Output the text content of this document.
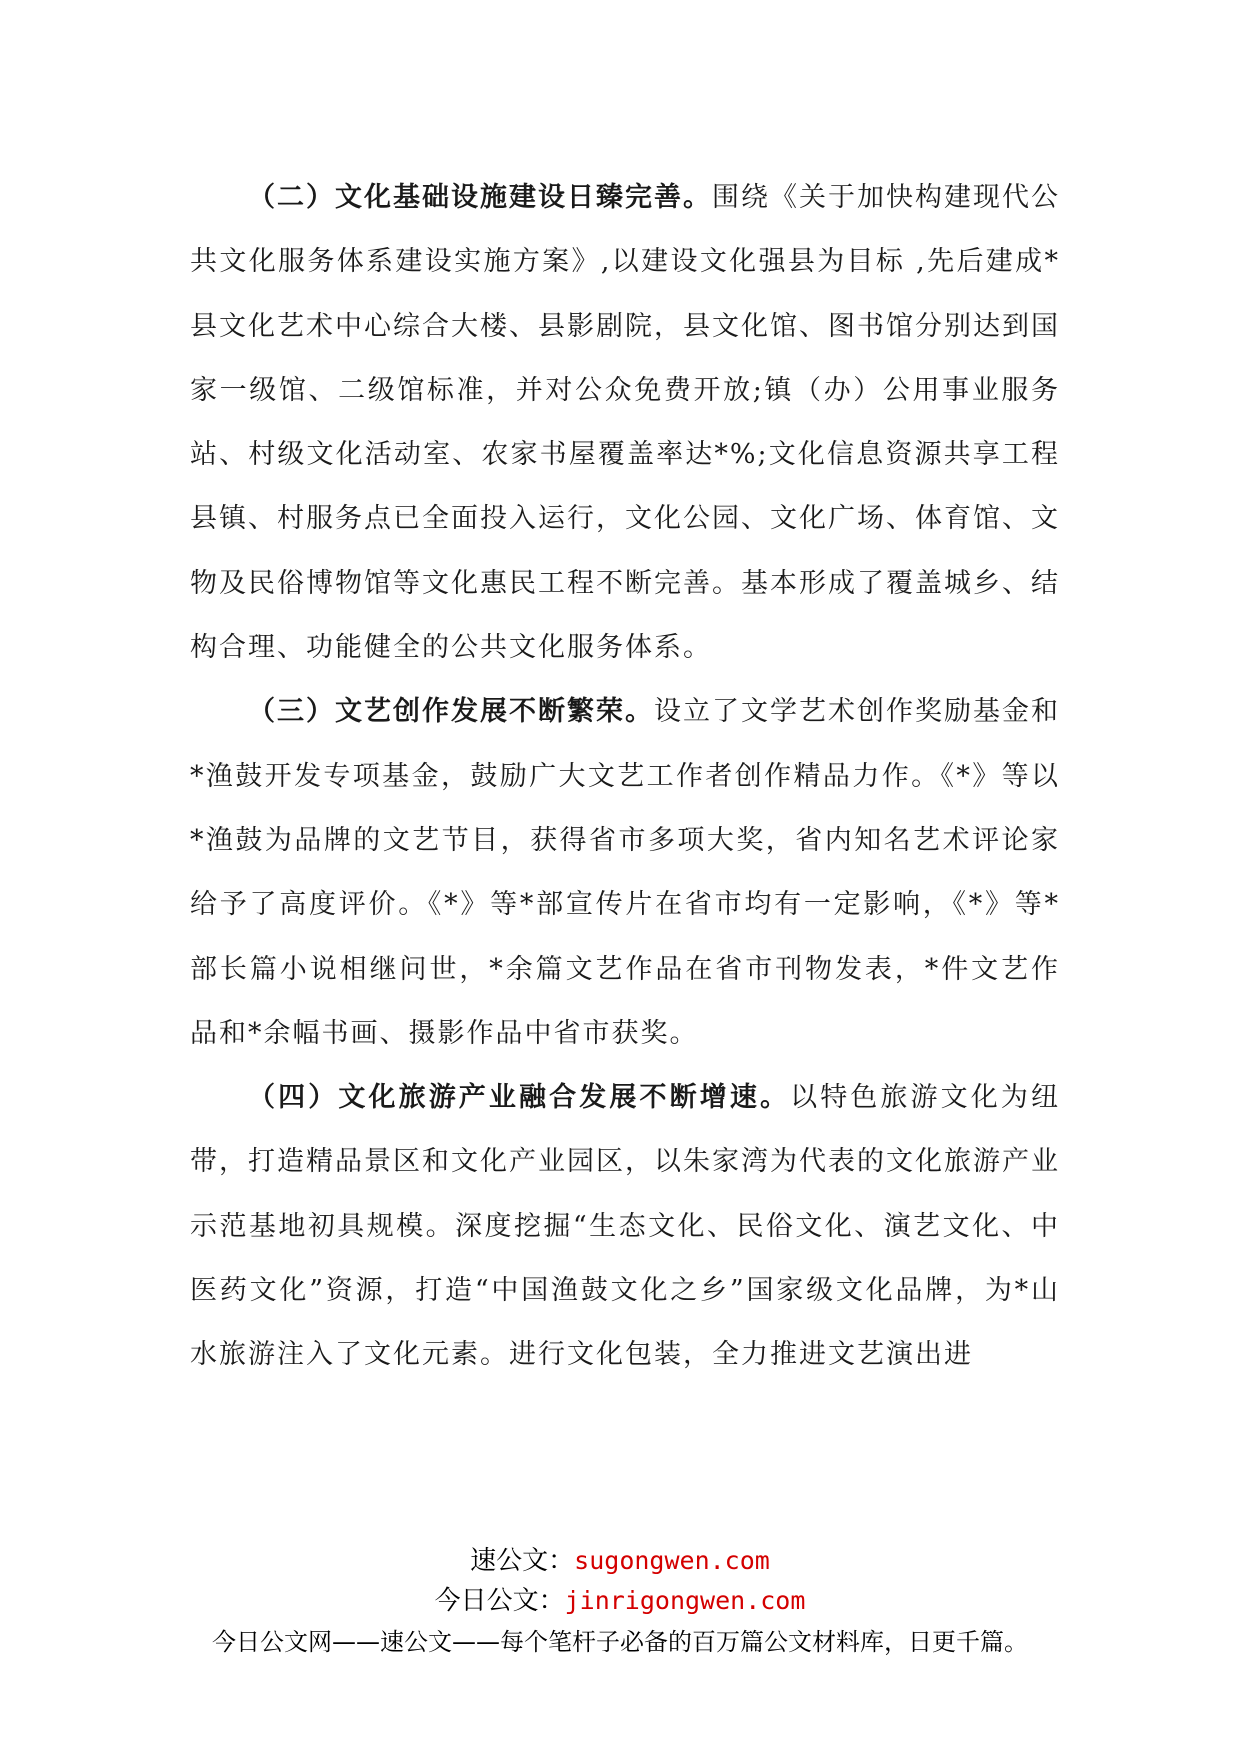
（二）文化基础设施建设日臻完善。围绕《关于加快构建现代公共文化服务体系建设实施方案》,以建设文化强县为目标 ,先后建成*县文化艺术中心综合大楼、县影剧院，县文化馆、图书馆分别达到国家一级馆、二级馆标准，并对公众免费开放;镇（办）公用事业服务站、村级文化活动室、农家书屋覆盖率达*%;文化信息资源共享工程县镇、村服务点已全面投入运行，文化公园、文化广场、体育馆、文物及民俗博物馆等文化惠民工程不断完善。基本形成了覆盖城乡、结构合理、功能健全的公共文化服务体系。

（三）文艺创作发展不断繁荣。设立了文学艺术创作奖励基金和*渔鼓开发专项基金，鼓励广大文艺工作者创作精品力作。《*》等以*渔鼓为品牌的文艺节目，获得省市多项大奖，省内知名艺术评论家给予了高度评价。《*》等*部宣传片在省市均有一定影响，《*》等*部长篇小说相继问世，*余篇文艺作品在省市刊物发表，*件文艺作品和*余幅书画、摄影作品中省市获奖。

（四）文化旅游产业融合发展不断增速。以特色旅游文化为纽带，打造精品景区和文化产业园区，以朱家湾为代表的文化旅游产业示范基地初具规模。深度挖掘“生态文化、民俗文化、演艺文化、中医药文化”资源，打造“中国渔鼓文化之乡”国家级文化品牌，为*山水旅游注入了文化元素。进行文化包装，全力推进文艺演出进

速公文：sugongwen.com
今日公文：jinrigongwen.com
今日公文网——速公文——每个笔杆子必备的百万篇公文材料库，日更千篇。
